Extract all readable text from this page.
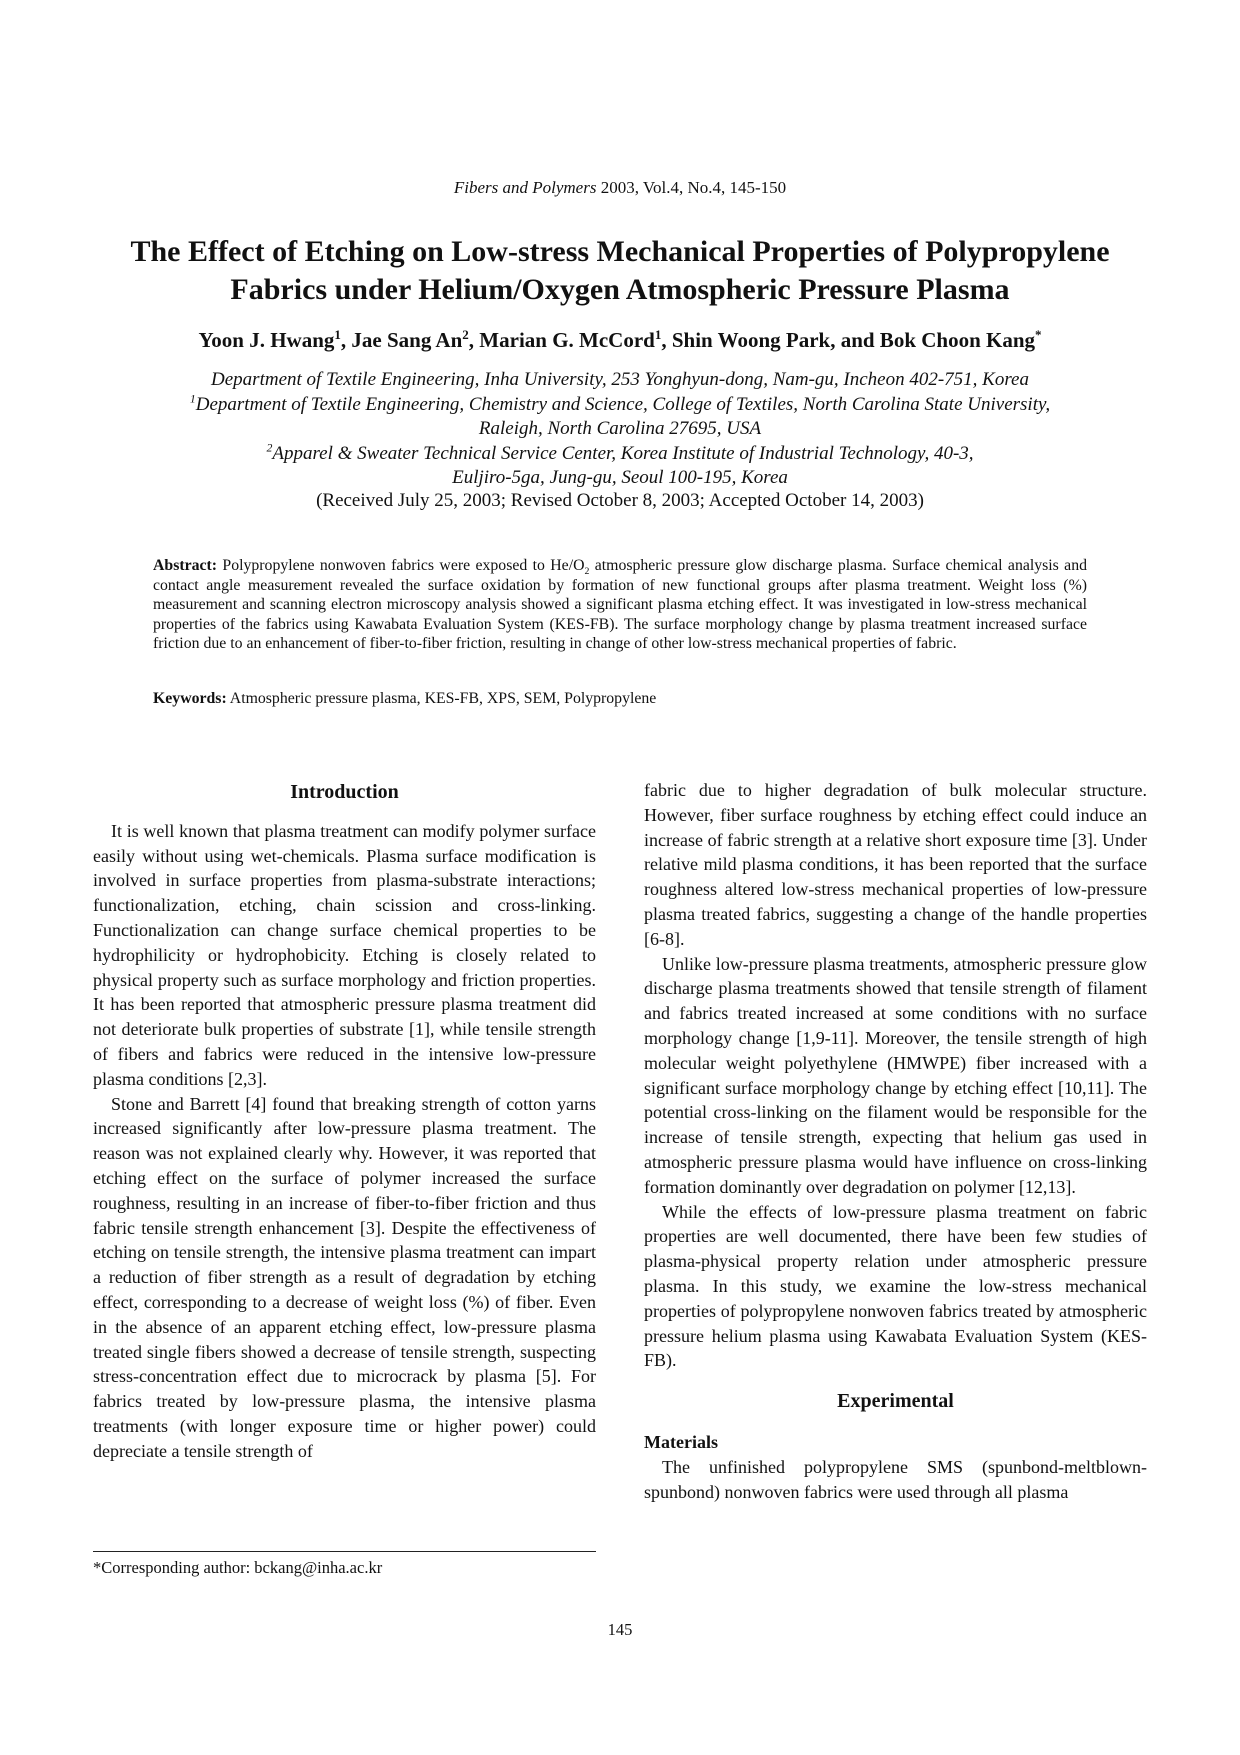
Fibers and Polymers 2003, Vol.4, No.4, 145-150
The Effect of Etching on Low-stress Mechanical Properties of Polypropylene
Fabrics under Helium/Oxygen Atmospheric Pressure Plasma
Yoon J. Hwang$^1$, Jae Sang An$^2$, Marian G. McCord$^1$, Shin Woong Park, and Bok Choon Kang*
Department of Textile Engineering, Inha University, 253 Yonghyun-dong, Nam-gu, Incheon 402-751, Korea
$^1$Department of Textile Engineering, Chemistry and Science, College of Textiles, North Carolina State University,
Raleigh, North Carolina 27695, USA
$^2$Apparel & Sweater Technical Service Center, Korea Institute of Industrial Technology, 40-3,
Euljiro-5ga, Jung-gu, Seoul 100-195, Korea
(Received July 25, 2003; Revised October 8, 2003; Accepted October 14, 2003)
Abstract: Polypropylene nonwoven fabrics were exposed to $He/O_2$ atmospheric pressure glow discharge plasma. Surface chemical analysis and contact angle measurement revealed the surface oxidation by formation of new functional groups after plasma treatment. Weight loss (%) measurement and scanning electron microscopy analysis showed a significant plasma etching effect. It was investigated in low-stress mechanical properties of the fabrics using Kawabata Evaluation System (KES-FB). The surface morphology change by plasma treatment increased surface friction due to an enhancement of fiber-to-fiber friction, resulting in change of other low-stress mechanical properties of fabric.
Keywords: Atmospheric pressure plasma, KES-FB, XPS, SEM, Polypropylene
Introduction

It is well known that plasma treatment can modify polymer surface easily without using wet-chemicals. Plasma surface modification is involved in surface properties from plasma-substrate interactions; functionalization, etching, chain scission and cross-linking. Functionalization can change surface chemical properties to be hydrophilicity or hydrophobicity. Etching is closely related to physical property such as surface morphology and friction properties. It has been reported that atmospheric pressure plasma treatment did not deteriorate bulk properties of substrate [1], while tensile strength of fibers and fabrics were reduced in the intensive low-pressure plasma conditions [2,3].

Stone and Barrett [4] found that breaking strength of cotton yarns increased significantly after low-pressure plasma treatment. The reason was not explained clearly why. However, it was reported that etching effect on the surface of polymer increased the surface roughness, resulting in an increase of fiber-to-fiber friction and thus fabric tensile strength enhancement [3]. Despite the effectiveness of etching on tensile strength, the intensive plasma treatment can impart a reduction of fiber strength as a result of degradation by etching effect, corresponding to a decrease of weight loss (%) of fiber. Even in the absence of an apparent etching effect, low-pressure plasma treated single fibers showed a decrease of tensile strength, suspecting stress-concentration effect due to microcrack by plasma [5]. For fabrics treated by low-pressure plasma, the intensive plasma treatments (with longer exposure time or higher power) could depreciate a tensile strength of

fabric due to higher degradation of bulk molecular structure. However, fiber surface roughness by etching effect could induce an increase of fabric strength at a relative short exposure time [3]. Under relative mild plasma conditions, it has been reported that the surface roughness altered low-stress mechanical properties of low-pressure plasma treated fabrics, suggesting a change of the handle properties [6-8].

Unlike low-pressure plasma treatments, atmospheric pressure glow discharge plasma treatments showed that tensile strength of filament and fabrics treated increased at some conditions with no surface morphology change [1,9-11]. Moreover, the tensile strength of high molecular weight polyethylene (HMWPE) fiber increased with a significant surface morphology change by etching effect [10,11]. The potential cross-linking on the filament would be responsible for the increase of tensile strength, expecting that helium gas used in atmospheric pressure plasma would have influence on cross-linking formation dominantly over degradation on polymer [12,13].

While the effects of low-pressure plasma treatment on fabric properties are well documented, there have been few studies of plasma-physical property relation under atmospheric pressure plasma. In this study, we examine the low-stress mechanical properties of polypropylene nonwoven fabrics treated by atmospheric pressure helium plasma using Kawabata Evaluation System (KES-FB).

Experimental
Materials

The unfinished polypropylene SMS (spunbond-meltblown-spunbond) nonwoven fabrics were used through all plasma

*Corresponding author: bckang@inha.ac.kr
145
